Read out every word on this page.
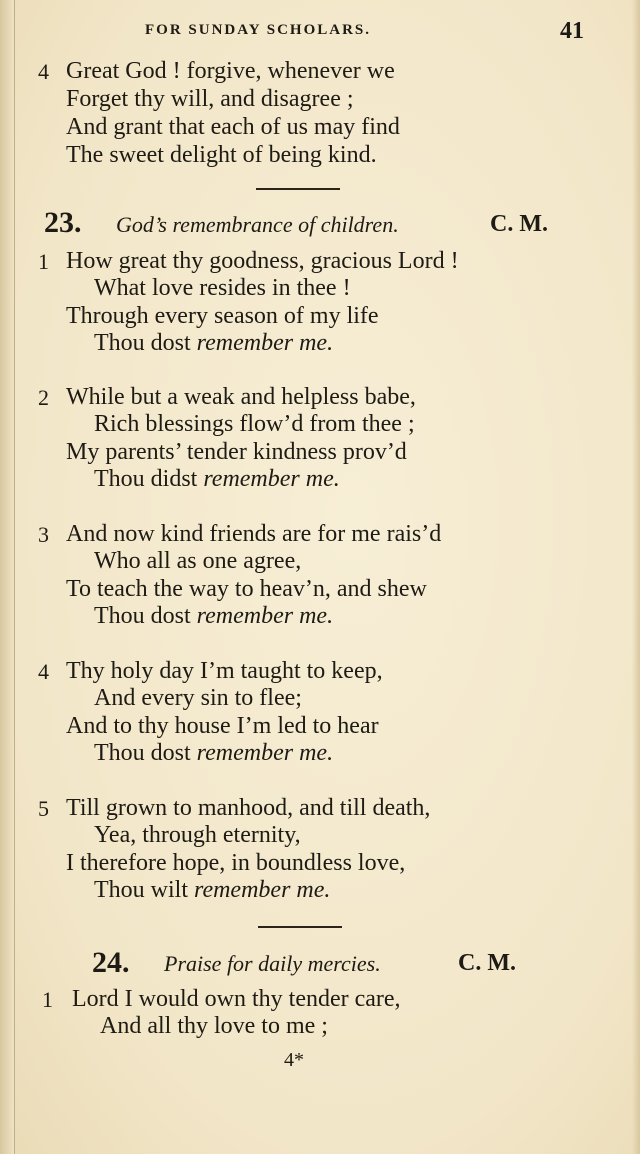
FOR SUNDAY SCHOLARS.	41
4 Great God ! forgive, whenever we
Forget thy will, and disagree ;
And grant that each of us may find
The sweet delight of being kind.
23. God’s remembrance of children.	C. M.
1 How great thy goodness, gracious Lord !
What love resides in thee !
Through every season of my life
Thou dost remember me.
2 While but a weak and helpless babe,
Rich blessings flow’d from thee ;
My parents’ tender kindness prov’d
Thou didst remember me.
3 And now kind friends are for me rais’d
Who all as one agree,
To teach the way to heav’n, and shew
Thou dost remember me.
4 Thy holy day I’m taught to keep,
And every sin to flee;
And to thy house I’m led to hear
Thou dost remember me.
5 Till grown to manhood, and till death,
Yea, through eternity,
I therefore hope, in boundless love,
Thou wilt remember me.
24. Praise for daily mercies.	C. M.
1 Lord I would own thy tender care,
And all thy love to me ;
4*
